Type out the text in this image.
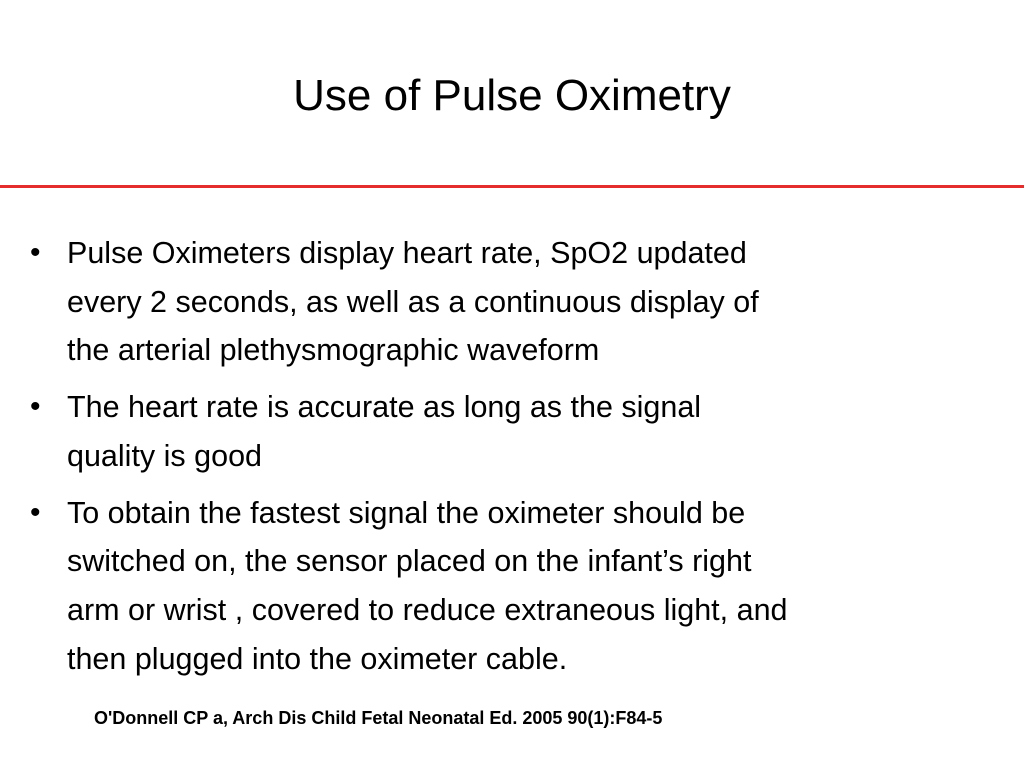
Use of Pulse Oximetry
• Pulse Oximeters display heart rate, SpO2 updated
every 2 seconds, as well as a continuous display of
the arterial plethysmographic waveform
• The heart rate is accurate as long as the signal
quality is good
• To obtain the fastest signal the oximeter should be
switched on, the sensor placed on the infant’s right
arm or wrist , covered to reduce extraneous light, and
then plugged into the oximeter cable.
O'Donnell CP a, Arch Dis Child Fetal Neonatal Ed. 2005 90(1):F84-5
